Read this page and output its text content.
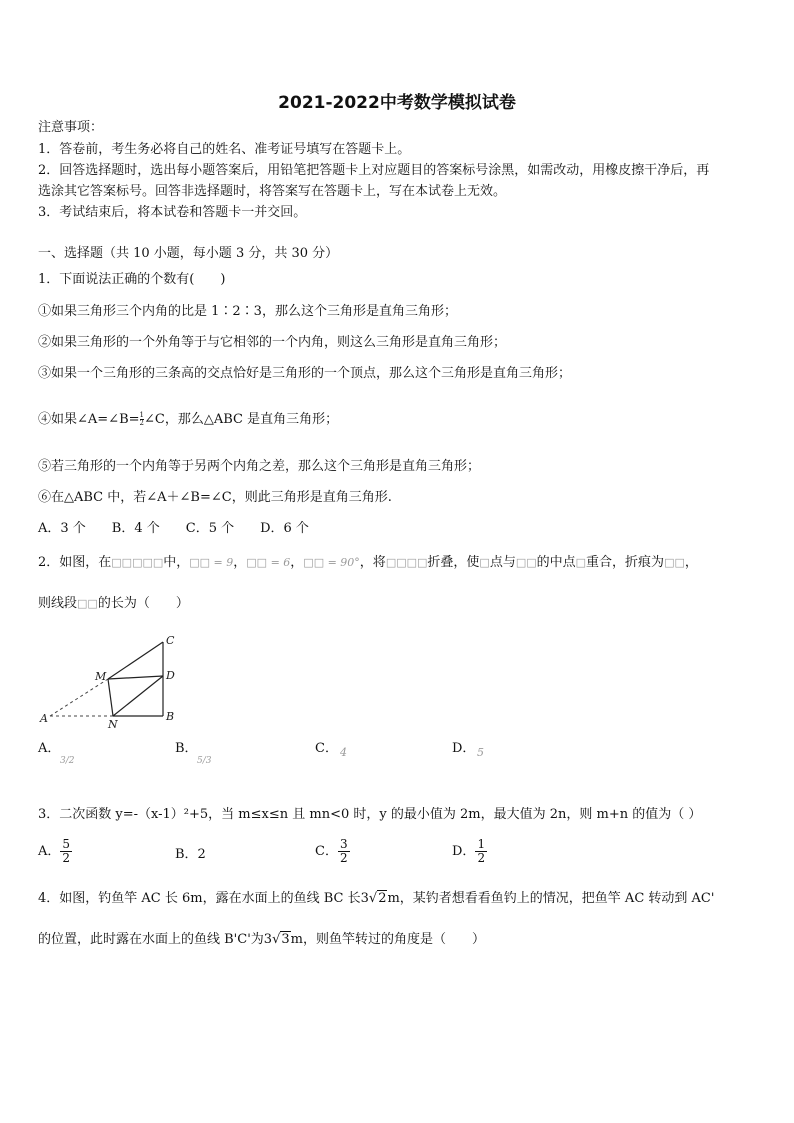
2021-2022中考数学模拟试卷
注意事项：
1．答卷前，考生务必将自己的姓名、准考证号填写在答题卡上。
2．回答选择题时，选出每小题答案后，用铅笔把答题卡上对应题目的答案标号涂黑，如需改动，用橡皮擦干净后，再
选涂其它答案标号。回答非选择题时，将答案写在答题卡上，写在本试卷上无效。
3．考试结束后，将本试卷和答题卡一并交回。
一、选择题（共 10 小题，每小题 3 分，共 30 分）
1．下面说法正确的个数有(　　)
①如果三角形三个内角的比是 1∶2∶3，那么这个三角形是直角三角形；
②如果三角形的一个外角等于与它相邻的一个内角，则这么三角形是直角三角形；
③如果一个三角形的三条高的交点恰好是三角形的一个顶点，那么这个三角形是直角三角形；
④如果∠A=∠B= $\frac{1}{2}\angle C$，那么△ABC 是直角三角形；
⑤若三角形的一个内角等于另两个内角之差，那么这个三角形是直角三角形；
⑥在△ABC 中，若∠A＋∠B=∠C，则此三角形是直角三角形.
A．3 个　　B．4 个　　C．5 个　　D．6 个
2．如图，在□□□□□中，□□ = 9，□□ = 6，□□ = 90°，将□□□□折叠，使□点与□□的中点□重合，折痕为□□，
则线段□□的长为（　　）
A	B
C
D
M
N
A．
3/2
B．
5/3
C． 4	D． 5
3．二次函数 y=-（x-1）²+5，当 m≤x≤n 且 mn<0 时，y 的最小值为 2m，最大值为 2n，则 m+n 的值为（ ）
A． $\frac{5}{2}$	B．2	C． $\frac{3}{2}$	D． $\frac{1}{2}$
4．如图，钓鱼竿 AC 长 6m，露在水面上的鱼线 BC 长3√2m，某钓者想看看鱼钓上的情况，把鱼竿 AC 转动到 AC'
的位置，此时露在水面上的鱼线 B'C'为3√3m，则鱼竿转过的角度是（　　）
